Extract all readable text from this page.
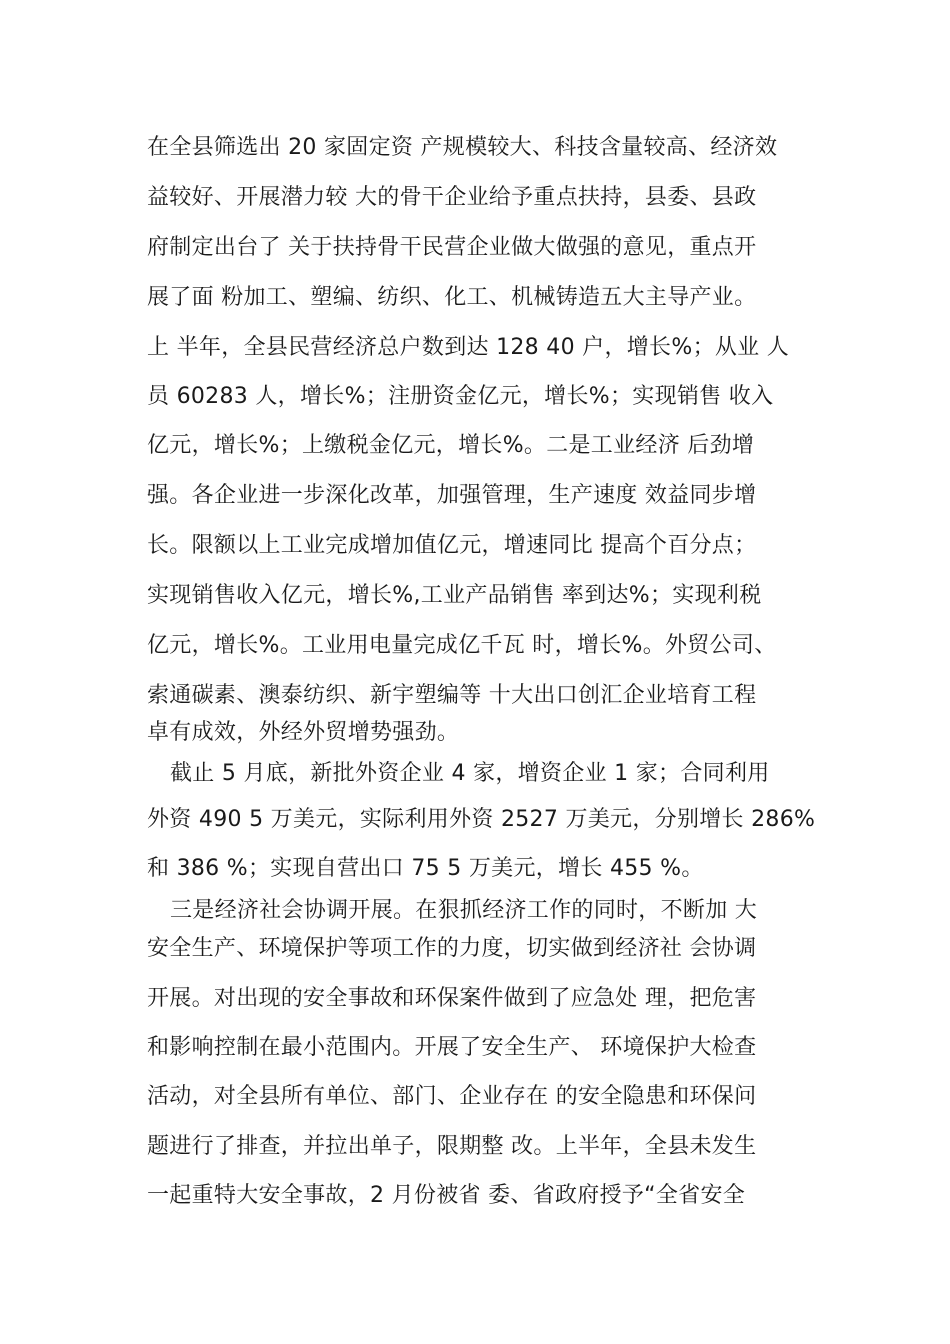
在全县筛选出 20 家固定资 产规模较大、科技含量较高、经济效
益较好、开展潜力较 大的骨干企业给予重点扶持，县委、县政
府制定出台了 关于扶持骨干民营企业做大做强的意见，重点开
展了面 粉加工、塑编、纺织、化工、机械铸造五大主导产业。
上 半年，全县民营经济总户数到达 128 40 户，增长%；从业 人
员 60283 人，增长%；注册资金亿元，增长%；实现销售 收入
亿元，增长%；上缴税金亿元，增长%。二是工业经济 后劲增
强。各企业进一步深化改革，加强管理，生产速度 效益同步增
长。限额以上工业完成增加值亿元，增速同比 提高个百分点；
实现销售收入亿元，增长%,工业产品销售 率到达%；实现利税
亿元，增长%。工业用电量完成亿千瓦 时，增长%。外贸公司、
索通碳素、澳泰纺织、新宇塑编等 十大出口创汇企业培育工程
卓有成效，外经外贸增势强劲。
截止 5 月底，新批外资企业 4 家，增资企业 1 家；合同利用
外资 490 5 万美元，实际利用外资 2527 万美元，分别增长 286%
和 386 %；实现自营出口 75 5 万美元，增长 455 %。
三是经济社会协调开展。在狠抓经济工作的同时，不断加 大
安全生产、环境保护等项工作的力度，切实做到经济社 会协调
开展。对出现的安全事故和环保案件做到了应急处 理，把危害
和影响控制在最小范围内。开展了安全生产、 环境保护大检查
活动，对全县所有单位、部门、企业存在 的安全隐患和环保问
题进行了排查，并拉出单子，限期整 改。上半年，全县未发生
一起重特大安全事故，2 月份被省 委、省政府授予“全省安全
